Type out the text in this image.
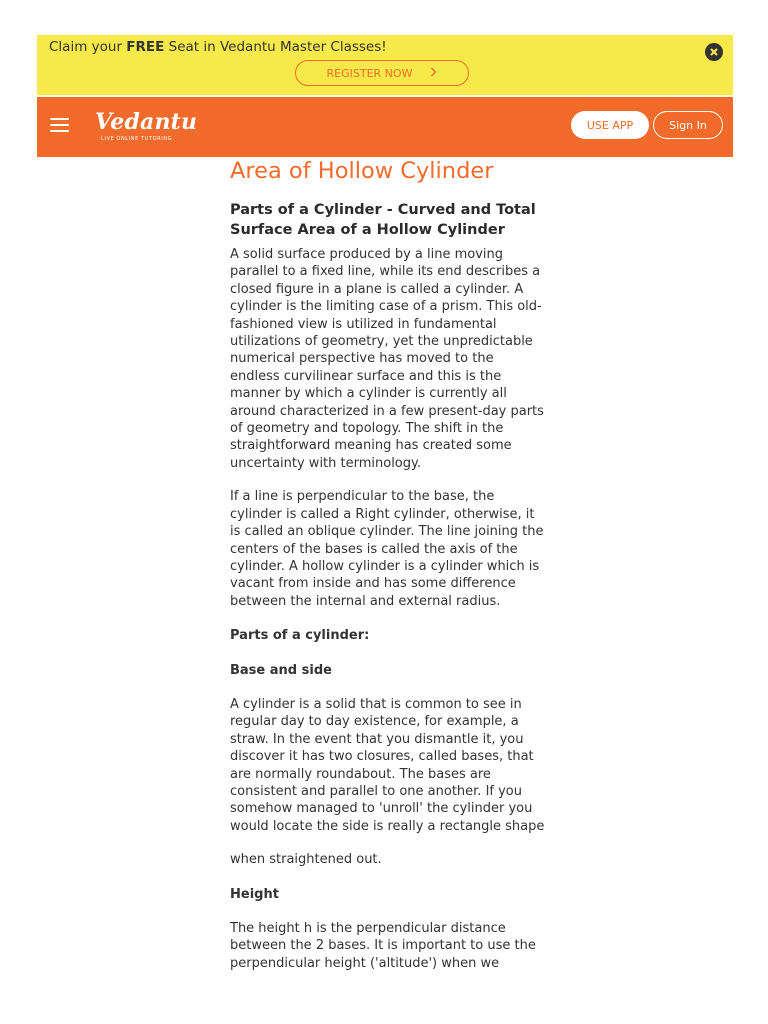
Claim your FREE Seat in Vedantu Master Classes!
REGISTER NOW
Vedantu
LIVE ONLINE TUTORING
USE APP	Sign In
Area of Hollow Cylinder
Parts of a Cylinder - Curved and Total Surface Area of a Hollow Cylinder

A solid surface produced by a line moving parallel to a fixed line, while its end describes a closed figure in a plane is called a cylinder. A cylinder is the limiting case of a prism. This old-fashioned view is utilized in fundamental utilizations of geometry, yet the unpredictable numerical perspective has moved to the endless curvilinear surface and this is the manner by which a cylinder is currently all around characterized in a few present-day parts of geometry and topology. The shift in the straightforward meaning has created some uncertainty with terminology.

If a line is perpendicular to the base, the cylinder is called a Right cylinder, otherwise, it is called an oblique cylinder. The line joining the centers of the bases is called the axis of the cylinder. A hollow cylinder is a cylinder which is vacant from inside and has some difference between the internal and external radius.

Parts of a cylinder:

Base and side

A cylinder is a solid that is common to see in regular day to day existence, for example, a straw. In the event that you dismantle it, you discover it has two closures, called bases, that are normally roundabout. The bases are consistent and parallel to one another. If you somehow managed to 'unroll' the cylinder you would locate the side is really a rectangle shape

when straightened out.

Height

The height h is the perpendicular distance between the 2 bases. It is important to use the perpendicular height ('altitude') when we
